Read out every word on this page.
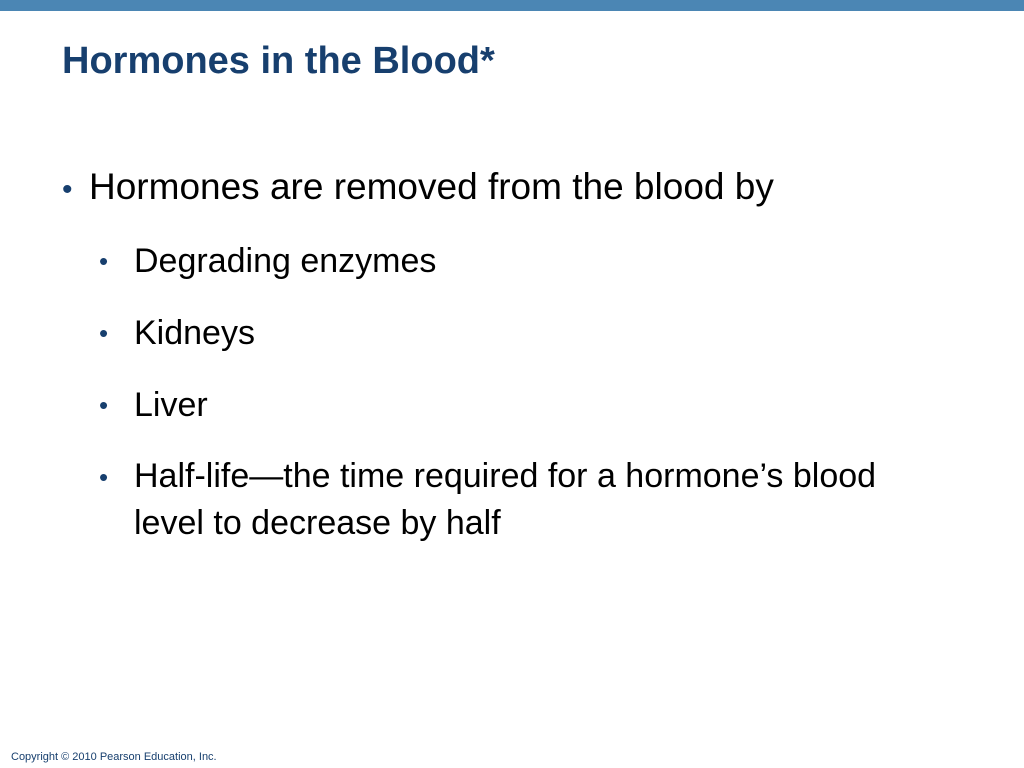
Hormones in the Blood*
• Hormones are removed from the blood by
• Degrading enzymes
• Kidneys
• Liver
• Half-life—the time required for a hormone’s blood level to decrease by half
Copyright © 2010 Pearson Education, Inc.
